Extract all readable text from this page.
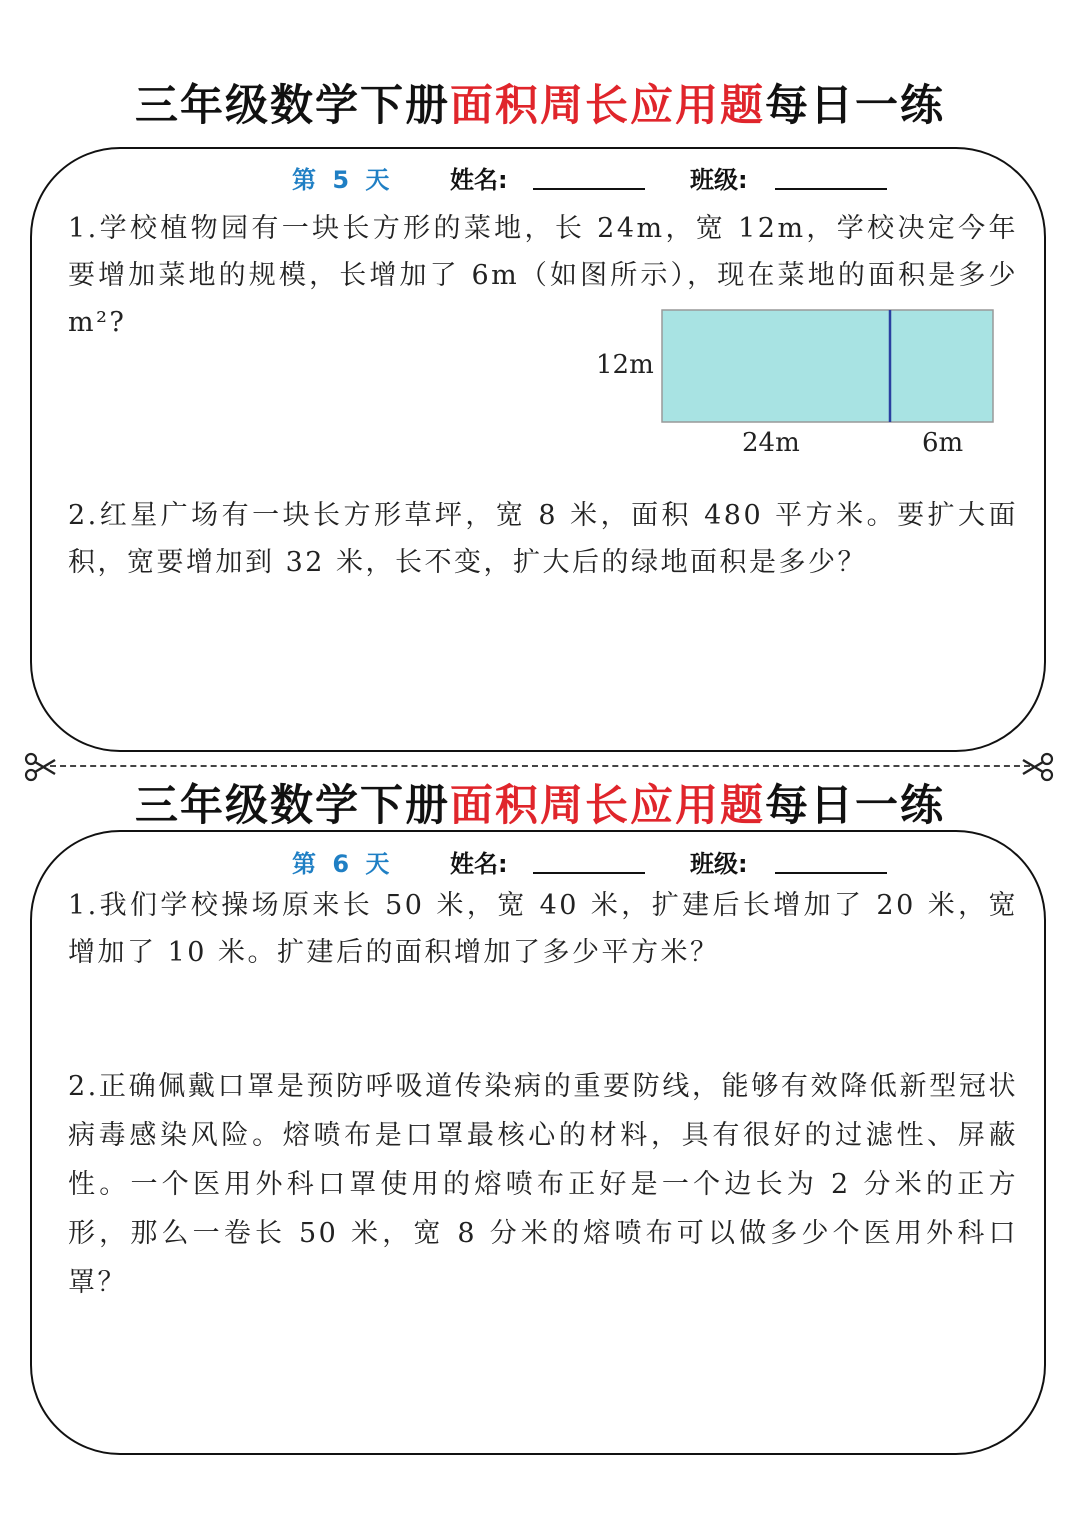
三年级数学下册面积周长应用题每日一练
第 5 天 姓名:	班级:
1.学校植物园有一块长方形的菜地，长 24m，宽 12m，学校决定今年要增加菜地的规模，长增加了 6m（如图所示），现在菜地的面积是多少m²?
12m
24m	6m
2.红星广场有一块长方形草坪，宽 8 米，面积 480 平方米。要扩大面积，宽要增加到 32 米，长不变，扩大后的绿地面积是多少？
三年级数学下册面积周长应用题每日一练
第 6 天 姓名:	班级:
1.我们学校操场原来长 50 米，宽 40 米，扩建后长增加了 20 米，宽增加了 10 米。扩建后的面积增加了多少平方米？
2.正确佩戴口罩是预防呼吸道传染病的重要防线，能够有效降低新型冠状病毒感染风险。熔喷布是口罩最核心的材料，具有很好的过滤性、屏蔽性。一个医用外科口罩使用的熔喷布正好是一个边长为 2 分米的正方形，那么一卷长 50 米，宽 8 分米的熔喷布可以做多少个医用外科口罩？
